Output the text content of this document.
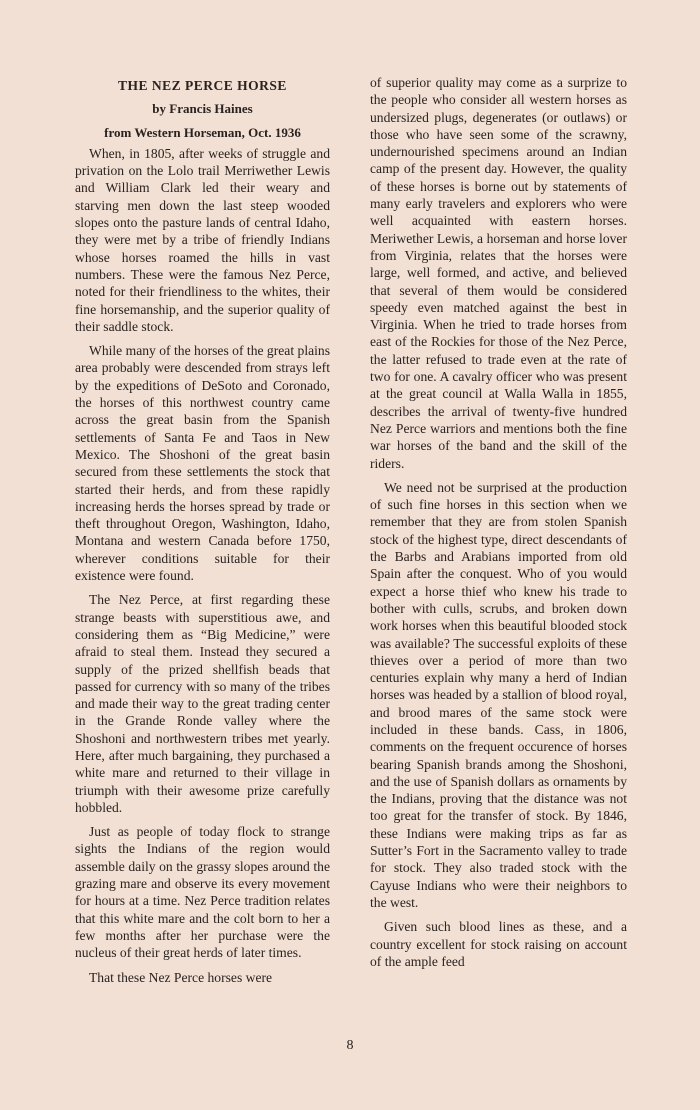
THE NEZ PERCE HORSE
by Francis Haines
from Western Horseman, Oct. 1936

When, in 1805, after weeks of struggle and privation on the Lolo trail Merriwether Lewis and William Clark led their weary and starving men down the last steep wooded slopes onto the pasture lands of central Idaho, they were met by a tribe of friendly Indians whose horses roamed the hills in vast numbers. These were the famous Nez Perce, noted for their friendliness to the whites, their fine horsemanship, and the superior quality of their saddle stock.

While many of the horses of the great plains area probably were descended from strays left by the expeditions of DeSoto and Coronado, the horses of this northwest country came across the great basin from the Spanish settlements of Santa Fe and Taos in New Mexico. The Shoshoni of the great basin secured from these settlements the stock that started their herds, and from these rapidly increasing herds the horses spread by trade or theft throughout Oregon, Washington, Idaho, Montana and western Canada before 1750, wherever conditions suitable for their existence were found.

The Nez Perce, at first regarding these strange beasts with superstitious awe, and considering them as “Big Medicine,” were afraid to steal them. Instead they secured a supply of the prized shellfish beads that passed for currency with so many of the tribes and made their way to the great trading center in the Grande Ronde valley where the Shoshoni and northwestern tribes met yearly. Here, after much bargaining, they purchased a white mare and returned to their village in triumph with their awesome prize carefully hobbled.

Just as people of today flock to strange sights the Indians of the region would assemble daily on the grassy slopes around the grazing mare and observe its every movement for hours at a time. Nez Perce tradition relates that this white mare and the colt born to her a few months after her purchase were the nucleus of their great herds of later times.

That these Nez Perce horses were

of superior quality may come as a surprize to the people who consider all western horses as undersized plugs, degenerates (or outlaws) or those who have seen some of the scrawny, undernourished specimens around an Indian camp of the present day. However, the quality of these horses is borne out by statements of many early travelers and explorers who were well acquainted with eastern horses. Meriwether Lewis, a horseman and horse lover from Virginia, relates that the horses were large, well formed, and active, and believed that several of them would be considered speedy even matched against the best in Virginia. When he tried to trade horses from east of the Rockies for those of the Nez Perce, the latter refused to trade even at the rate of two for one. A cavalry officer who was present at the great council at Walla Walla in 1855, describes the arrival of twenty-five hundred Nez Perce warriors and mentions both the fine war horses of the band and the skill of the riders.

We need not be surprised at the production of such fine horses in this section when we remember that they are from stolen Spanish stock of the highest type, direct descendants of the Barbs and Arabians imported from old Spain after the conquest. Who of you would expect a horse thief who knew his trade to bother with culls, scrubs, and broken down work horses when this beautiful blooded stock was available? The successful exploits of these thieves over a period of more than two centuries explain why many a herd of Indian horses was headed by a stallion of blood royal, and brood mares of the same stock were included in these bands. Cass, in 1806, comments on the frequent occurence of horses bearing Spanish brands among the Shoshoni, and the use of Spanish dollars as ornaments by the Indians, proving that the distance was not too great for the transfer of stock. By 1846, these Indians were making trips as far as Sutter’s Fort in the Sacramento valley to trade for stock. They also traded stock with the Cayuse Indians who were their neighbors to the west.

Given such blood lines as these, and a country excellent for stock raising on account of the ample feed

8
